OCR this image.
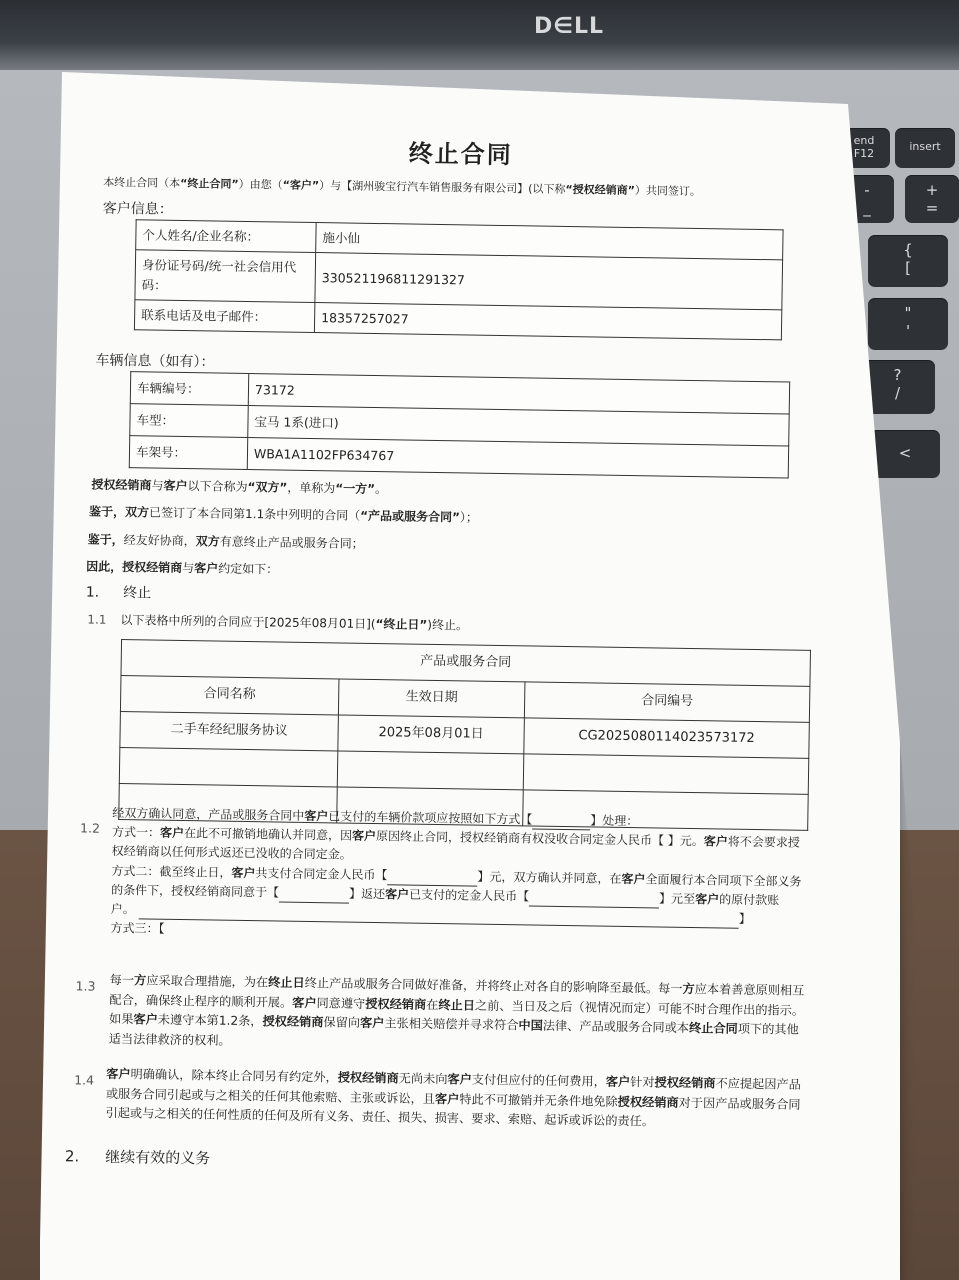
D∈LL
end
F12
insert
-
_
+
=
{
[
"
'
?
/
<
终止合同
本终止合同（本“终止合同”）由您（“客户”）与【湖州骏宝行汽车销售服务有限公司】(以下称“授权经销商”）共同签订。
客户信息：
个人姓名/企业名称：	施小仙
身份证号码/统一社会信用代码：	330521196811291327
联系电话及电子邮件：	18357257027
车辆信息（如有）：
车辆编号：	73172
车型：	宝马 1系(进口)
车架号：	WBA1A1102FP634767
授权经销商与客户以下合称为“双方”，单称为“一方”。
鉴于，双方已签订了本合同第1.1条中列明的合同（“产品或服务合同”）；
鉴于，经友好协商，双方有意终止产品或服务合同；
因此，授权经销商与客户约定如下：
1. 终止
1.1 以下表格中所列的合同应于[2025年08月01日](“终止日”)终止。
产品或服务合同		
合同名称	生效日期	合同编号
二手车经纪服务协议	2025年08月01日	CG20250801140235731​72

1.2
经双方确认同意，产品或服务合同中客户已支付的车辆价款项应按照如下方式【	】处理：
方式一：客户在此不可撤销地确认并同意，因客户原因终止合同，授权经销商有权没收合同定金人民币【 】元。客户将不会要求授
权经销商以任何形式返还已没收的合同定金。
方式二：截至终止日，客户共支付合同定金人民币【	】元，双方确认并同意，在客户全面履行本合同项下全部义务
的条件下，授权经销商同意于【	】返还客户已支付的定金人民币【	】元至客户的原付款账
户。】
方式三：【
1.3 每一方应采取合理措施，为在终止日终止产品或服务合同做好准备，并将终止对各自的影响降至最低。每一方应本着善意原则相互
配合，确保终止程序的顺利开展。客户同意遵守授权经销商在终止日之前、当日及之后（视情况而定）可能不时合理作出的指示。
如果客户未遵守本第1.2条，授权经销商保留向客户主张相关赔偿并寻求符合中国法律、产品或服务合同或本终止合同项下的其他
适当法律救济的权利。
1.4 客户明确确认，除本终止合同另有约定外，授权经销商无尚未向客户支付但应付的任何费用，客户针对授权经销商不应提起因产品
或服务合同引起或与之相关的任何其他索赔、主张或诉讼，且客户特此不可撤销并无条件地免除授权经销商对于因产品或服务合同
引起或与之相关的任何性质的任何及所有义务、责任、损失、损害、要求、索赔、起诉或诉讼的责任。
2. 继续有效的义务
